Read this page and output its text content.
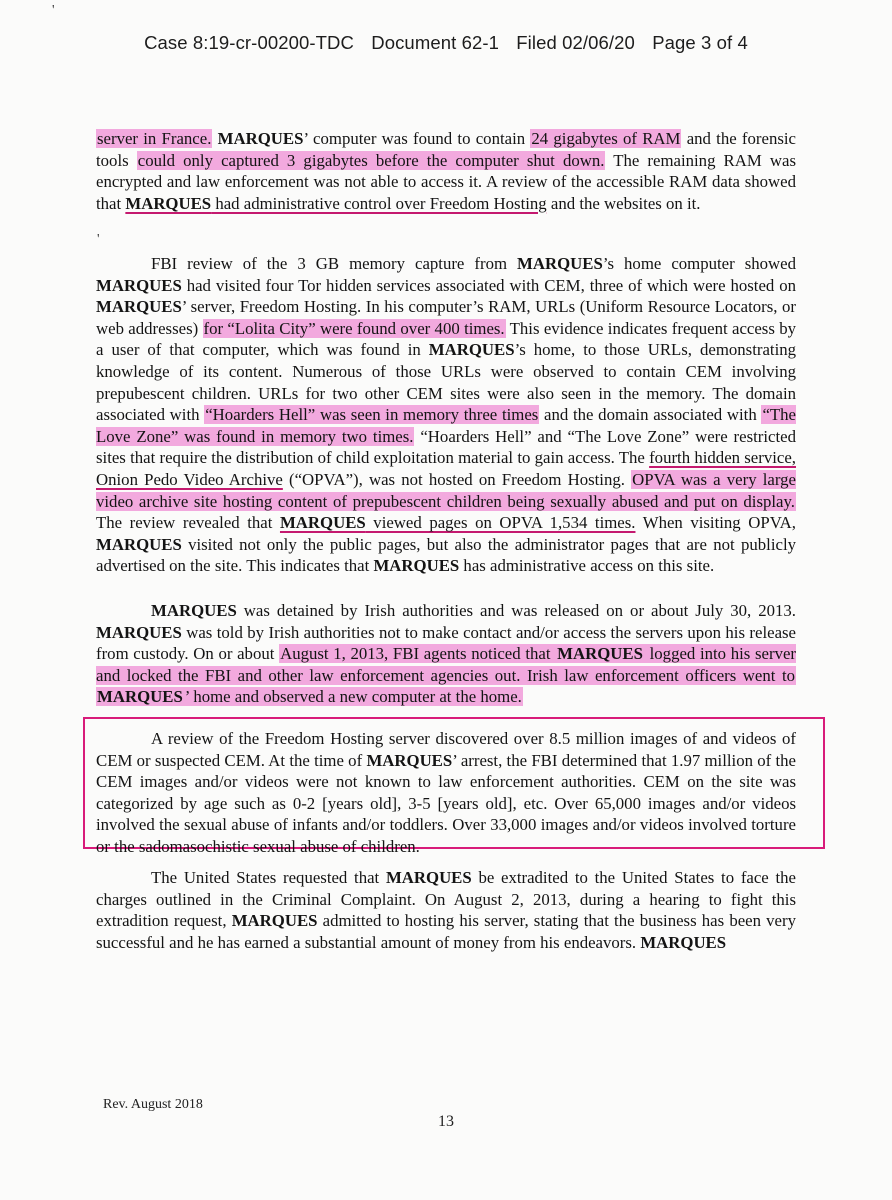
Case 8:19-cr-00200-TDC Document 62-1 Filed 02/06/20 Page 3 of 4
'
'

server in France. MARQUES’ computer was found to contain 24 gigabytes of RAM and the forensic tools could only captured 3 gigabytes before the computer shut down. The remaining RAM was encrypted and law enforcement was not able to access it. A review of the accessible RAM data showed that MARQUES had administrative control over Freedom Hosting and the websites on it.

FBI review of the 3 GB memory capture from MARQUES’s home computer showed MARQUES had visited four Tor hidden services associated with CEM, three of which were hosted on MARQUES’ server, Freedom Hosting. In his computer’s RAM, URLs (Uniform Resource Locators, or web addresses) for “Lolita City” were found over 400 times. This evidence indicates frequent access by a user of that computer, which was found in MARQUES’s home, to those URLs, demonstrating knowledge of its content. Numerous of those URLs were observed to contain CEM involving prepubescent children. URLs for two other CEM sites were also seen in the memory. The domain associated with “Hoarders Hell” was seen in memory three times and the domain associated with “The Love Zone” was found in memory two times. “Hoarders Hell” and “The Love Zone” were restricted sites that require the distribution of child exploitation material to gain access. The fourth hidden service, Onion Pedo Video Archive (“OPVA”), was not hosted on Freedom Hosting. OPVA was a very large video archive site hosting content of prepubescent children being sexually abused and put on display. The review revealed that MARQUES viewed pages on OPVA 1,534 times. When visiting OPVA, MARQUES visited not only the public pages, but also the administrator pages that are not publicly advertised on the site. This indicates that MARQUES has administrative access on this site.

MARQUES was detained by Irish authorities and was released on or about July 30, 2013. MARQUES was told by Irish authorities not to make contact and/or access the servers upon his release from custody. On or about August 1, 2013, FBI agents noticed that MARQUES logged into his server and locked the FBI and other law enforcement agencies out. Irish law enforcement officers went to MARQUES ’ home and observed a new computer at the home.

A review of the Freedom Hosting server discovered over 8.5 million images of and videos of CEM or suspected CEM. At the time of MARQUES’ arrest, the FBI determined that 1.97 million of the CEM images and/or videos were not known to law enforcement authorities. CEM on the site was categorized by age such as 0-2 [years old], 3-5 [years old], etc. Over 65,000 images and/or videos involved the sexual abuse of infants and/or toddlers. Over 33,000 images and/or videos involved torture or the sadomasochistic sexual abuse of children.

The United States requested that MARQUES be extradited to the United States to face the charges outlined in the Criminal Complaint. On August 2, 2013, during a hearing to fight this extradition request, MARQUES admitted to hosting his server, stating that the business has been very successful and he has earned a substantial amount of money from his endeavors. MARQUES

Rev. August 2018
13
